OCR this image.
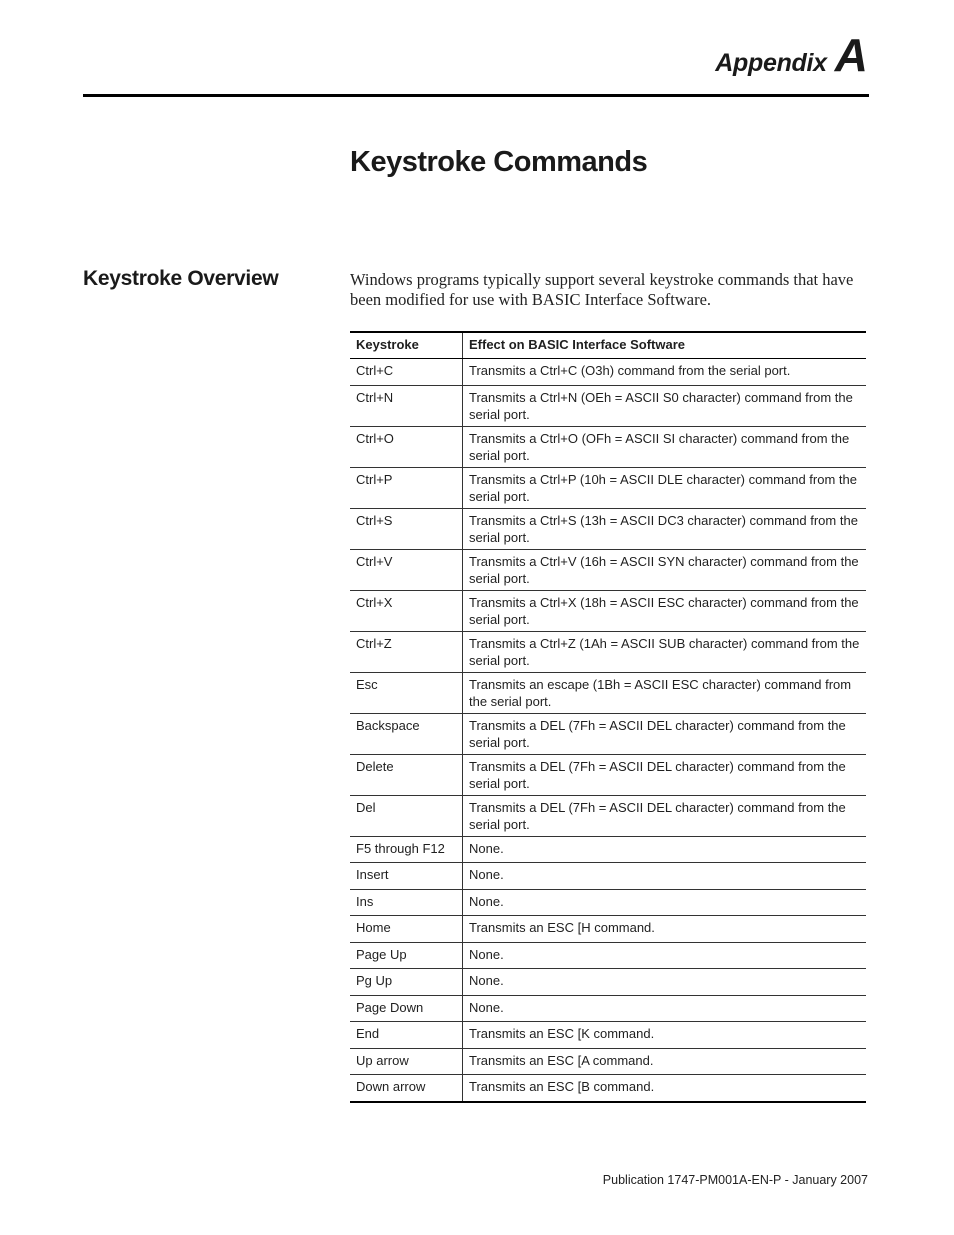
Appendix A
Keystroke Commands
Keystroke Overview	Windows programs typically support several keystroke commands that have been modified for use with BASIC Interface Software.

Keystroke	Effect on BASIC Interface Software
Ctrl+C	Transmits a Ctrl+C (O3h) command from the serial port.
Ctrl+N	Transmits a Ctrl+N (OEh = ASCII S0 character) command from the serial port.
Ctrl+O	Transmits a Ctrl+O (OFh = ASCII SI character) command from the serial port.
Ctrl+P	Transmits a Ctrl+P (10h = ASCII DLE character) command from the serial port.
Ctrl+S	Transmits a Ctrl+S (13h = ASCII DC3 character) command from the serial port.
Ctrl+V	Transmits a Ctrl+V (16h = ASCII SYN character) command from the serial port.
Ctrl+X	Transmits a Ctrl+X (18h = ASCII ESC character) command from the serial port.
Ctrl+Z	Transmits a Ctrl+Z (1Ah = ASCII SUB character) command from the serial port.
Esc	Transmits an escape (1Bh = ASCII ESC character) command from the serial port.
Backspace	Transmits a DEL (7Fh = ASCII DEL character) command from the serial port.
Delete	Transmits a DEL (7Fh = ASCII DEL character) command from the serial port.
Del	Transmits a DEL (7Fh = ASCII DEL character) command from the serial port.
F5 through F12	None.
Insert	None.
Ins	None.
Home	Transmits an ESC [H command.
Page Up	None.
Pg Up	None.
Page Down	None.
End	Transmits an ESC [K command.
Up arrow	Transmits an ESC [A command.
Down arrow	Transmits an ESC [B command.
Publication 1747-PM001A-EN-P - January 2007
